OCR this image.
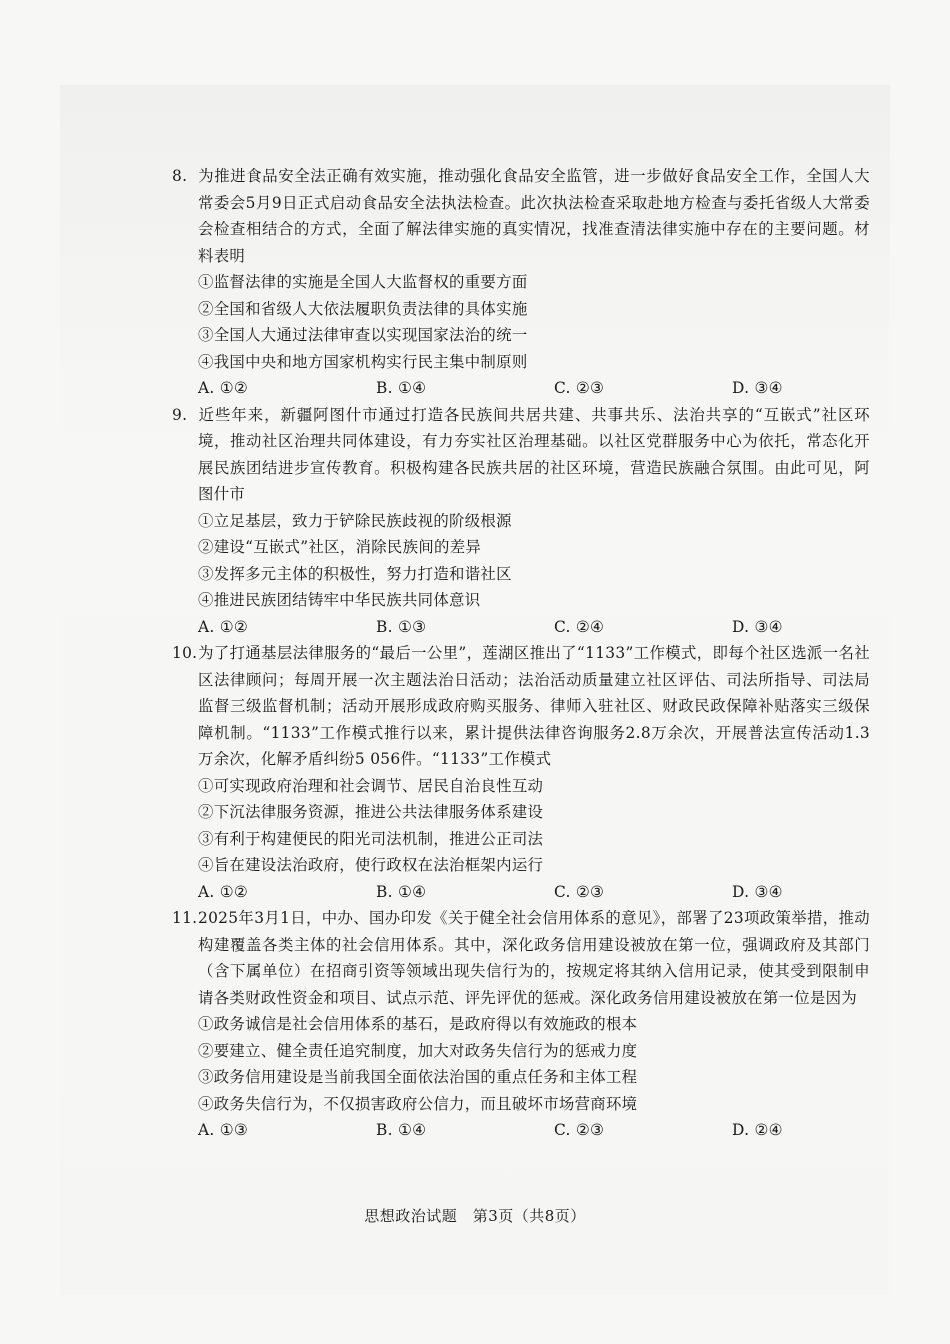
8. 为推进食品安全法正确有效实施，推动强化食品安全监管，进一步做好食品安全工作，全国人大常委会5月9日正式启动食品安全法执法检查。此次执法检查采取赴地方检查与委托省级人大常委会检查相结合的方式，全面了解法律实施的真实情况，找准查清法律实施中存在的主要问题。材料表明

①监督法律的实施是全国人大监督权的重要方面

②全国和省级人大依法履职负责法律的具体实施

③全国人大通过法律审查以实现国家法治的统一

④我国中央和地方国家机构实行民主集中制原则

A. ①②	B. ①④	C. ②③	D. ③④

9. 近些年来，新疆阿图什市通过打造各民族间共居共建、共事共乐、法治共享的“互嵌式”社区环境，推动社区治理共同体建设，有力夯实社区治理基础。以社区党群服务中心为依托，常态化开展民族团结进步宣传教育。积极构建各民族共居的社区环境，营造民族融合氛围。由此可见，阿图什市

①立足基层，致力于铲除民族歧视的阶级根源

②建设“互嵌式”社区，消除民族间的差异

③发挥多元主体的积极性，努力打造和谐社区

④推进民族团结铸牢中华民族共同体意识

A. ①②	B. ①③	C. ②④	D. ③④

10.为了打通基层法律服务的“最后一公里”，莲湖区推出了“1133”工作模式，即每个社区选派一名社区法律顾问；每周开展一次主题法治日活动；法治活动质量建立社区评估、司法所指导、司法局监督三级监督机制；活动开展形成政府购买服务、律师入驻社区、财政民政保障补贴落实三级保障机制。“1133”工作模式推行以来，累计提供法律咨询服务2.8万余次，开展普法宣传活动1.3万余次，化解矛盾纠纷5 056件。“1133”工作模式

①可实现政府治理和社会调节、居民自治良性互动

②下沉法律服务资源，推进公共法律服务体系建设

③有利于构建便民的阳光司法机制，推进公正司法

④旨在建设法治政府，使行政权在法治框架内运行

A. ①②	B. ①④	C. ②③	D. ③④

11.2025年3月1日，中办、国办印发《关于健全社会信用体系的意见》，部署了23项政策举措，推动构建覆盖各类主体的社会信用体系。其中，深化政务信用建设被放在第一位，强调政府及其部门（含下属单位）在招商引资等领域出现失信行为的，按规定将其纳入信用记录，使其受到限制申请各类财政性资金和项目、试点示范、评先评优的惩戒。深化政务信用建设被放在第一位是因为

①政务诚信是社会信用体系的基石，是政府得以有效施政的根本

②要建立、健全责任追究制度，加大对政务失信行为的惩戒力度

③政务信用建设是当前我国全面依法治国的重点任务和主体工程

④政务失信行为，不仅损害政府公信力，而且破坏市场营商环境

A. ①③	B. ①④	C. ②③	D. ②④
思想政治试题　第3页（共8页）
